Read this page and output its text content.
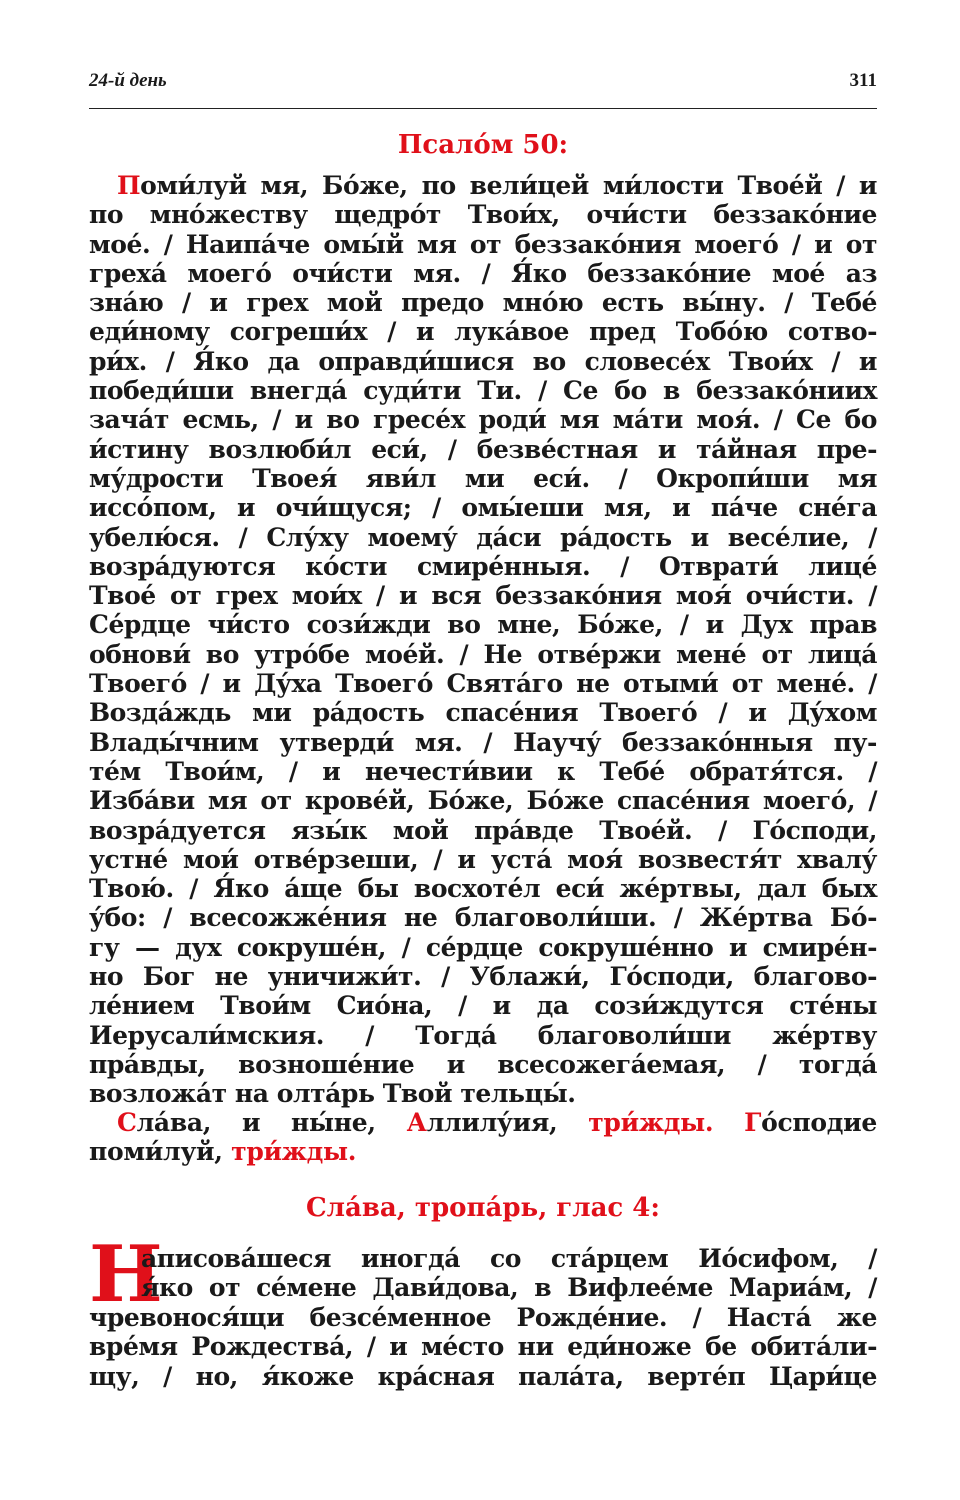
24-й день	311
Псало́м 50:
Поми́луй мя, Бо́же, по вели́цей ми́лости Твое́й / и
по мно́жеству щедро́т Твои́х, очи́сти беззако́ние
мое́. / Наипа́че омы́й мя от беззако́ния моего́ / и от
греха́ моего́ очи́сти мя. / Я́ко беззако́ние мое́ аз
зна́ю / и грех мой предо мно́ю есть вы́ну. / Тебе́
еди́ному согреши́х / и лука́вое пред Тобо́ю сотво-
ри́х. / Я́ко да оправди́шися во словесе́х Твои́х / и
победи́ши внегда́ суди́ти Ти. / Се бо в беззако́ниих
зача́т есмь, / и во гресе́х роди́ мя ма́ти моя́. / Се бо
и́стину возлюби́л еси́, / безве́стная и та́йная пре-
му́дрости Твоея́ яви́л ми еси́. / Окропи́ши мя
иссо́пом, и очи́щуся; / омы́еши мя, и па́че сне́га
убелю́ся. / Слу́ху моему́ да́си ра́дость и весе́лие, /
возра́дуются ко́сти смире́нныя. / Отврати́ лице́
Твое́ от грех мои́х / и вся беззако́ния моя́ очи́сти. /
Се́рдце чи́сто сози́жди во мне, Бо́же, / и Дух прав
обнови́ во утро́бе мое́й. / Не отве́ржи мене́ от лица́
Твоего́ / и Ду́ха Твоего́ Свята́го не отыми́ от мене́. /
Возда́ждь ми ра́дость спасе́ния Твоего́ / и Ду́хом
Влады́чним утверди́ мя. / Научу́ беззако́нныя пу-
те́м Твои́м, / и нечести́вии к Тебе́ обратя́тся. /
Изба́ви мя от крове́й, Бо́же, Бо́же спасе́ния моего́, /
возра́дуется язы́к мой пра́вде Твое́й. / Го́споди,
устне́ мои́ отве́рзеши, / и уста́ моя́ возвестя́т хвалу́
Твою́. / Я́ко а́ще бы восхоте́л еси́ же́ртвы, дал бых
у́бо: / всесожже́ния не благоволи́ши. / Же́ртва Бо́-
гу — дух сокруше́н, / се́рдце сокруше́нно и смире́н-
но Бог не уничижи́т. / Ублажи́, Го́споди, благово-
ле́нием Твои́м Сио́на, / и да сози́ждутся сте́ны
Иерусали́мския. / Тогда́ благоволи́ши же́ртву
пра́вды, возноше́ние и всесожега́емая, / тогда́
возложа́т на олта́рь Твой тельцы́.
Сла́ва, и ны́не, Аллилу́ия, три́жды. Го́сподиe
поми́луй, три́жды.
Сла́ва, тропа́рь, глас 4:
Н
аписова́шеся иногда́ со ста́рцем Ио́сифом, /
я́ко от се́мене Дави́дова, в Вифлее́ме Мариа́м, /
чревонося́щи безсе́менное Рожде́ние. / Наста́ же
вре́мя Рождества́, / и ме́сто ни еди́ноже бе обита́ли-
щу, / но, я́коже кра́сная пала́та, верте́п Цари́це
